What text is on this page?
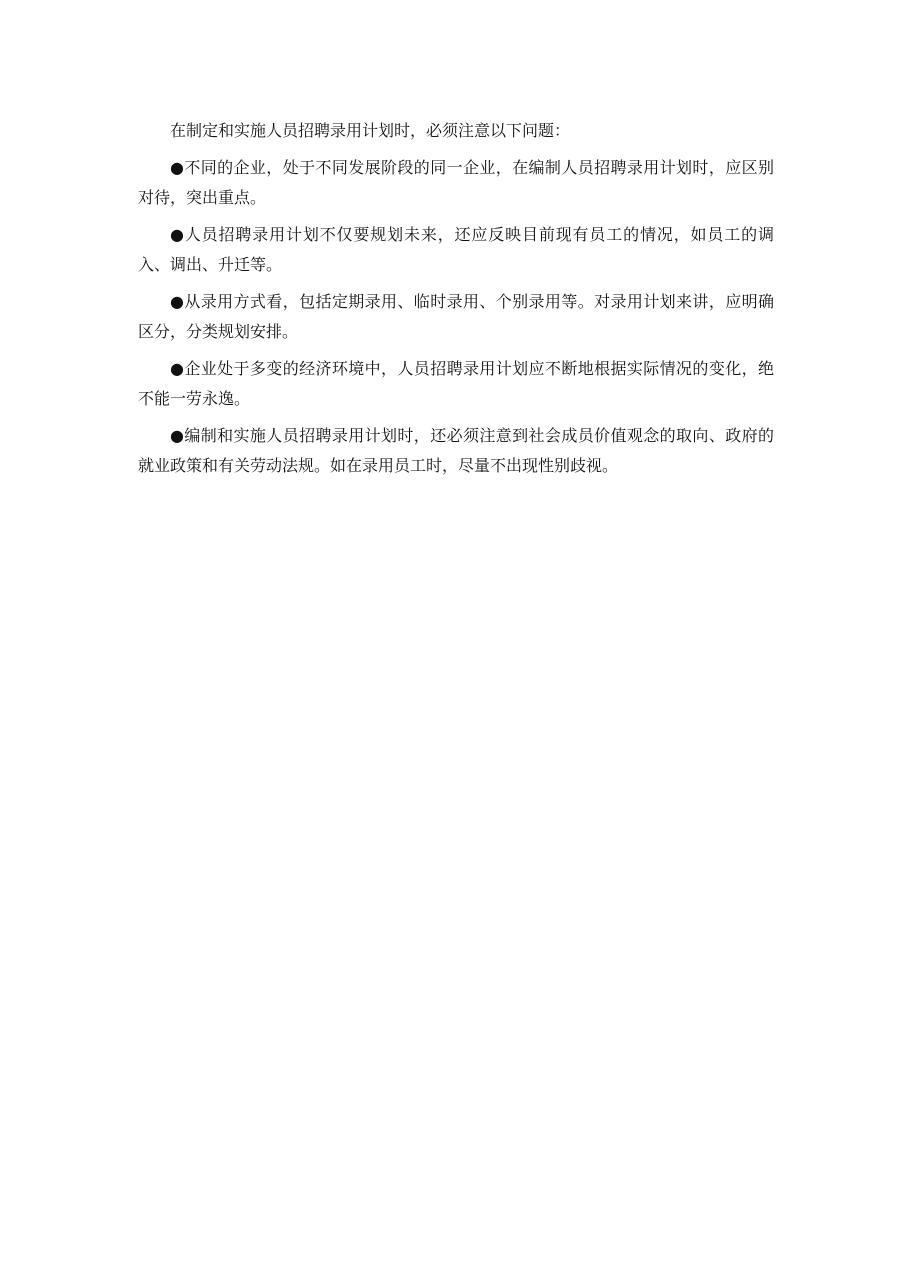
在制定和实施人员招聘录用计划时，必须注意以下问题：

●不同的企业，处于不同发展阶段的同一企业，在编制人员招聘录用计划时，应区别对待，突出重点。

●人员招聘录用计划不仅要规划未来，还应反映目前现有员工的情况，如员工的调入、调出、升迁等。

●从录用方式看，包括定期录用、临时录用、个别录用等。对录用计划来讲，应明确区分，分类规划安排。

●企业处于多变的经济环境中，人员招聘录用计划应不断地根据实际情况的变化，绝不能一劳永逸。

●编制和实施人员招聘录用计划时，还必须注意到社会成员价值观念的取向、政府的就业政策和有关劳动法规。如在录用员工时，尽量不出现性别歧视。
